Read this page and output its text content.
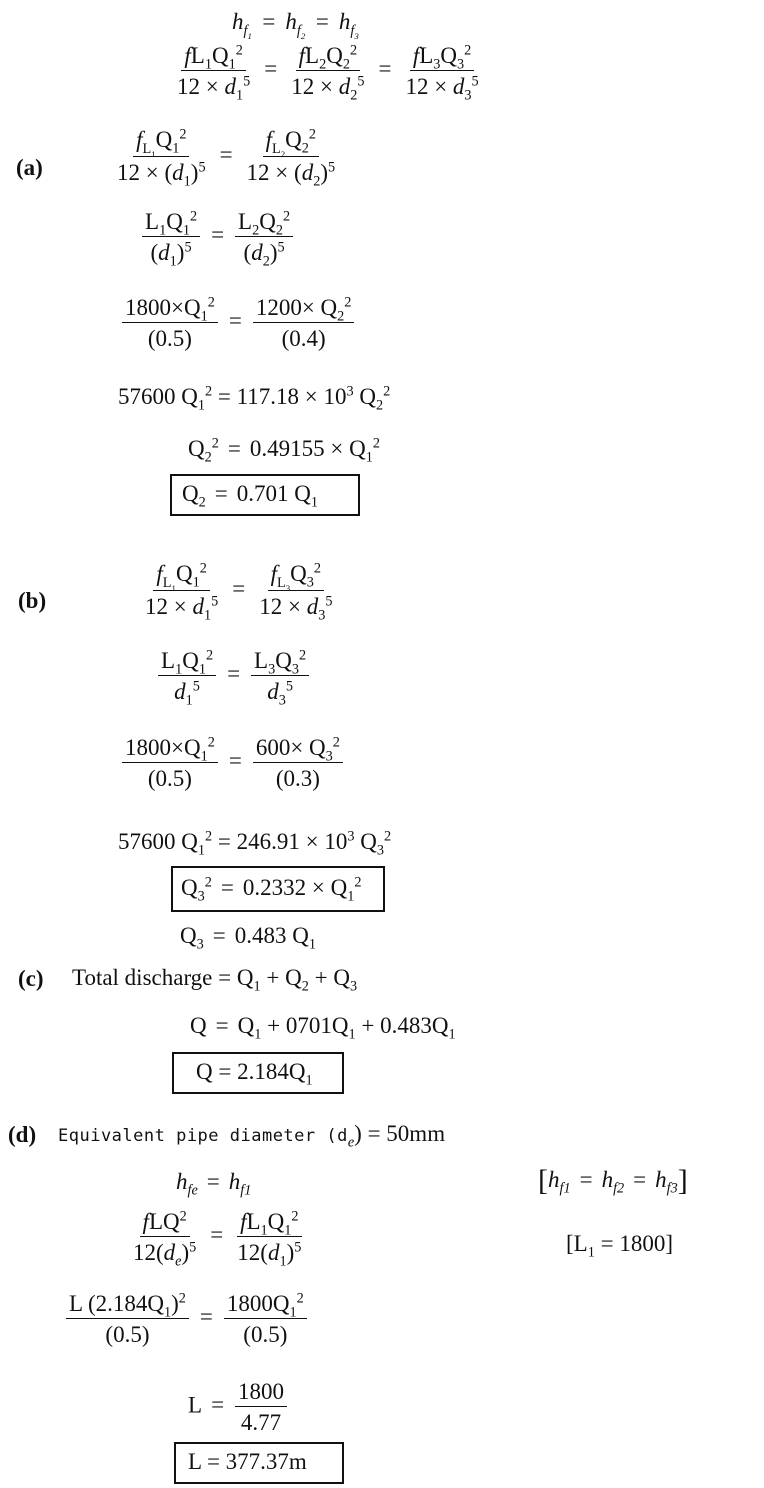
$h_{f_1}= h_{f_2}= h_{f_3}$
$\frac{fL_1Q_1^2}{12 \times d_1^5} = \frac{fL_2Q_2^2}{12 \times d_2^5} = \frac{fL_3Q_3^2}{12 \times d_3^5}$
(a)	$\frac{f_{L_1}Q_1^2}{12 \times (d_1)^5} = \frac{f_{L_2}Q_2^2}{12 \times (d_2)^5}$
$\frac{L_1Q_1^2}{(d_1)^5} = \frac{L_2Q_2^2}{(d_2)^5}$
$\frac{1800\times Q_1^2}{(0.5)} = \frac{1200\times Q_2^2}{(0.4)}$
57600 $Q_1^2 = 117.18 \times 10^3$ $Q_2^2$
$Q_2^2 = 0.49155 \times Q_1^2$
$Q_2 = 0.701$ $Q_1$
(b)	$\frac{f_{L_1}Q_1^2}{12 \times d_1^5} = \frac{f_{L_3}Q_3^2}{12 \times d_3^5}$
$\frac{L_1Q_1^2}{d_1^5} = \frac{L_3Q_3^2}{d_3^5}$
$\frac{1800\times Q_1^2}{(0.5)} = \frac{600\times Q_3^2}{(0.3)}$
57600 $Q_1^2 = 246.91 \times 10^3$ $Q_3^2$
$Q_3^2 = 0.2332 \times Q_1^2$
$Q_3 = 0.483$ $Q_1$
(c) Total discharge = $Q_1 + Q_2 + Q_3$
$Q = Q_1 + 0701Q_1 + 0.483Q_1$
$Q = 2.184Q_1$
(d) Equivalent pipe diameter $(d_e) = 50mm$
$h_{fe} = h_{f1}$	$[h_{f1} = h_{f2} = h_{f3}]$
$\frac{fLQ^2}{12(d_e)^5} = \frac{fL_1Q_1^2}{12(d_1)^5}$	$[L_1 = 1800]$
$\frac{L (2.184Q_1)^2}{(0.5)} = \frac{1800Q_1^2}{(0.5)}$
$L = \frac{1800}{4.77}$
L = 377.37m
